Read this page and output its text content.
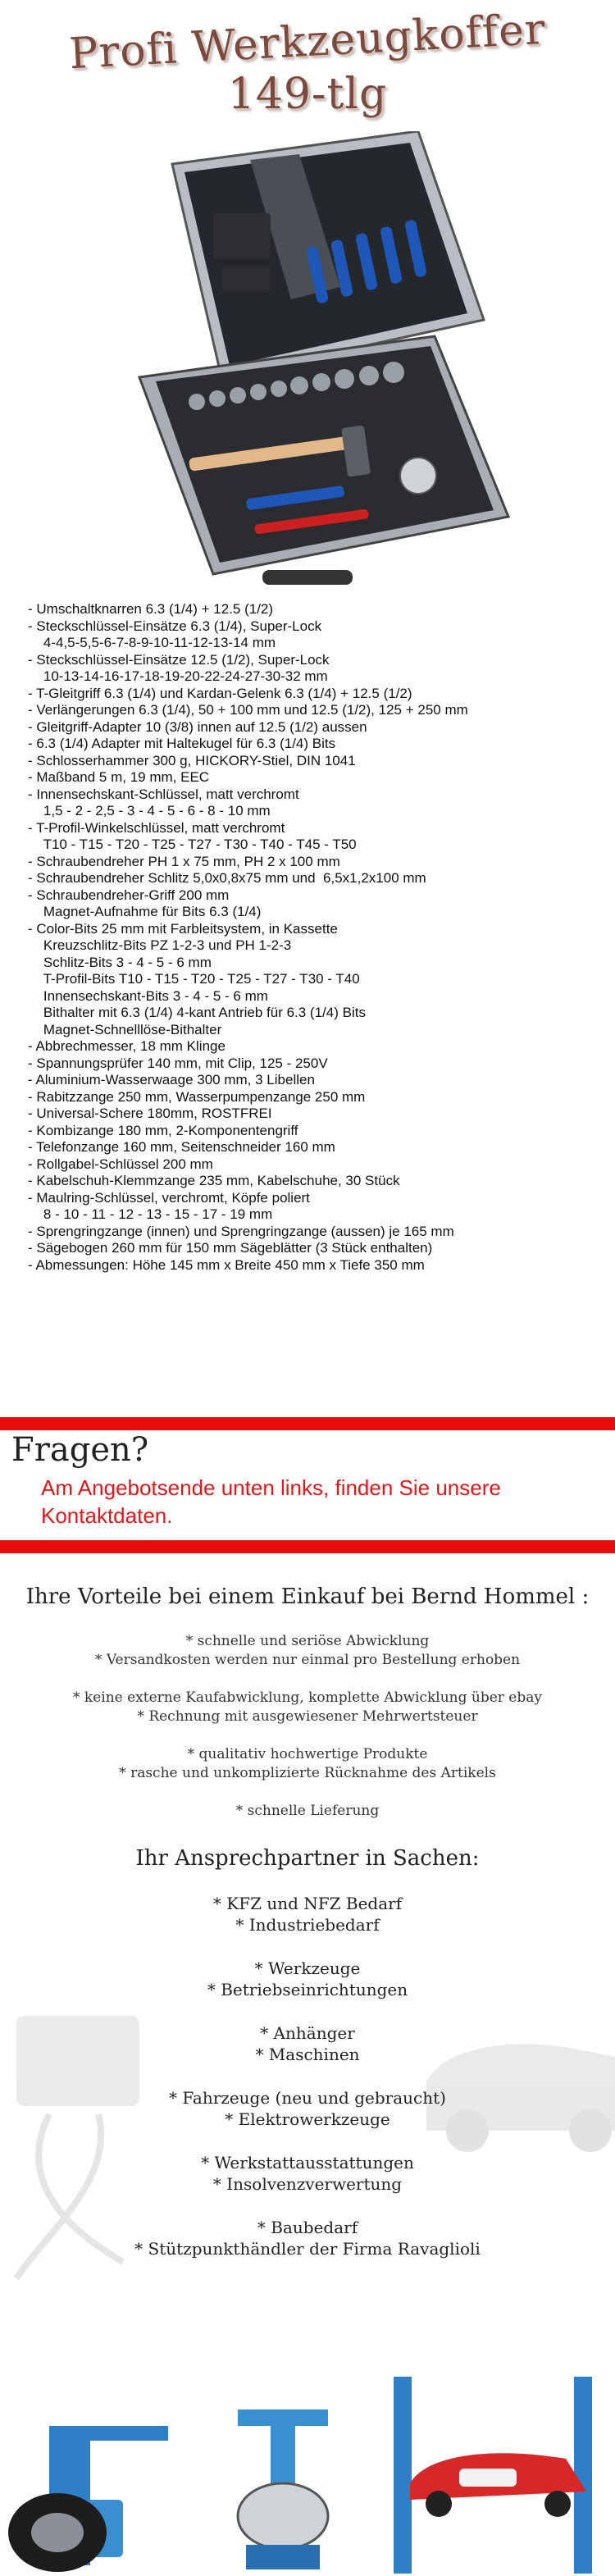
Profi Werkzeugkoffer
149-tlg
- Umschaltknarren 6.3 (1/4) + 12.5 (1/2)
- Steckschlüssel-Einsätze 6.3 (1/4), Super-Lock
4-4,5-5,5-6-7-8-9-10-11-12-13-14 mm
- Steckschlüssel-Einsätze 12.5 (1/2), Super-Lock
10-13-14-16-17-18-19-20-22-24-27-30-32 mm
- T-Gleitgriff 6.3 (1/4) und Kardan-Gelenk 6.3 (1/4) + 12.5 (1/2)
- Verlängerungen 6.3 (1/4), 50 + 100 mm und 12.5 (1/2), 125 + 250 mm
- Gleitgriff-Adapter 10 (3/8) innen auf 12.5 (1/2) aussen
- 6.3 (1/4) Adapter mit Haltekugel für 6.3 (1/4) Bits
- Schlosserhammer 300 g, HICKORY-Stiel, DIN 1041
- Maßband 5 m, 19 mm, EEC
- Innensechskant-Schlüssel, matt verchromt
1,5 - 2 - 2,5 - 3 - 4 - 5 - 6 - 8 - 10 mm
- T-Profil-Winkelschlüssel, matt verchromt
T10 - T15 - T20 - T25 - T27 - T30 - T40 - T45 - T50
- Schraubendreher PH 1 x 75 mm, PH 2 x 100 mm
- Schraubendreher Schlitz 5,0x0,8x75 mm und  6,5x1,2x100 mm
- Schraubendreher-Griff 200 mm
Magnet-Aufnahme für Bits 6.3 (1/4)
- Color-Bits 25 mm mit Farbleitsystem, in Kassette
Kreuzschlitz-Bits PZ 1-2-3 und PH 1-2-3
Schlitz-Bits 3 - 4 - 5 - 6 mm
T-Profil-Bits T10 - T15 - T20 - T25 - T27 - T30 - T40
Innensechskant-Bits 3 - 4 - 5 - 6 mm
Bithalter mit 6.3 (1/4) 4-kant Antrieb für 6.3 (1/4) Bits
Magnet-Schnelllöse-Bithalter
- Abbrechmesser, 18 mm Klinge
- Spannungsprüfer 140 mm, mit Clip, 125 - 250V
- Aluminium-Wasserwaage 300 mm, 3 Libellen
- Rabitzzange 250 mm, Wasserpumpenzange 250 mm
- Universal-Schere 180mm, ROSTFREI
- Kombizange 180 mm, 2-Komponentengriff
- Telefonzange 160 mm, Seitenschneider 160 mm
- Rollgabel-Schlüssel 200 mm
- Kabelschuh-Klemmzange 235 mm, Kabelschuhe, 30 Stück
- Maulring-Schlüssel, verchromt, Köpfe poliert
8 - 10 - 11 - 12 - 13 - 15 - 17 - 19 mm
- Sprengringzange (innen) und Sprengringzange (aussen) je 165 mm
- Sägebogen 260 mm für 150 mm Sägeblätter (3 Stück enthalten)
- Abmessungen: Höhe 145 mm x Breite 450 mm x Tiefe 350 mm
Fragen?
Am Angebotsende unten links, finden Sie unsere Kontaktdaten.
Ihre Vorteile bei einem Einkauf bei Bernd Hommel :
* schnelle und seriöse Abwicklung
* Versandkosten werden nur einmal pro Bestellung erhoben
* keine externe Kaufabwicklung, komplette Abwicklung über ebay
* Rechnung mit ausgewiesener Mehrwertsteuer
* qualitativ hochwertige Produkte
* rasche und unkomplizierte Rücknahme des Artikels
* schnelle Lieferung
Ihr Ansprechpartner in Sachen:
* KFZ und NFZ Bedarf
* Industriebedarf
* Werkzeuge
* Betriebseinrichtungen
* Anhänger
* Maschinen
* Fahrzeuge (neu und gebraucht)
* Elektrowerkzeuge
* Werkstattausstattungen
* Insolvenzverwertung
* Baubedarf
* Stützpunkthändler der Firma Ravaglioli
